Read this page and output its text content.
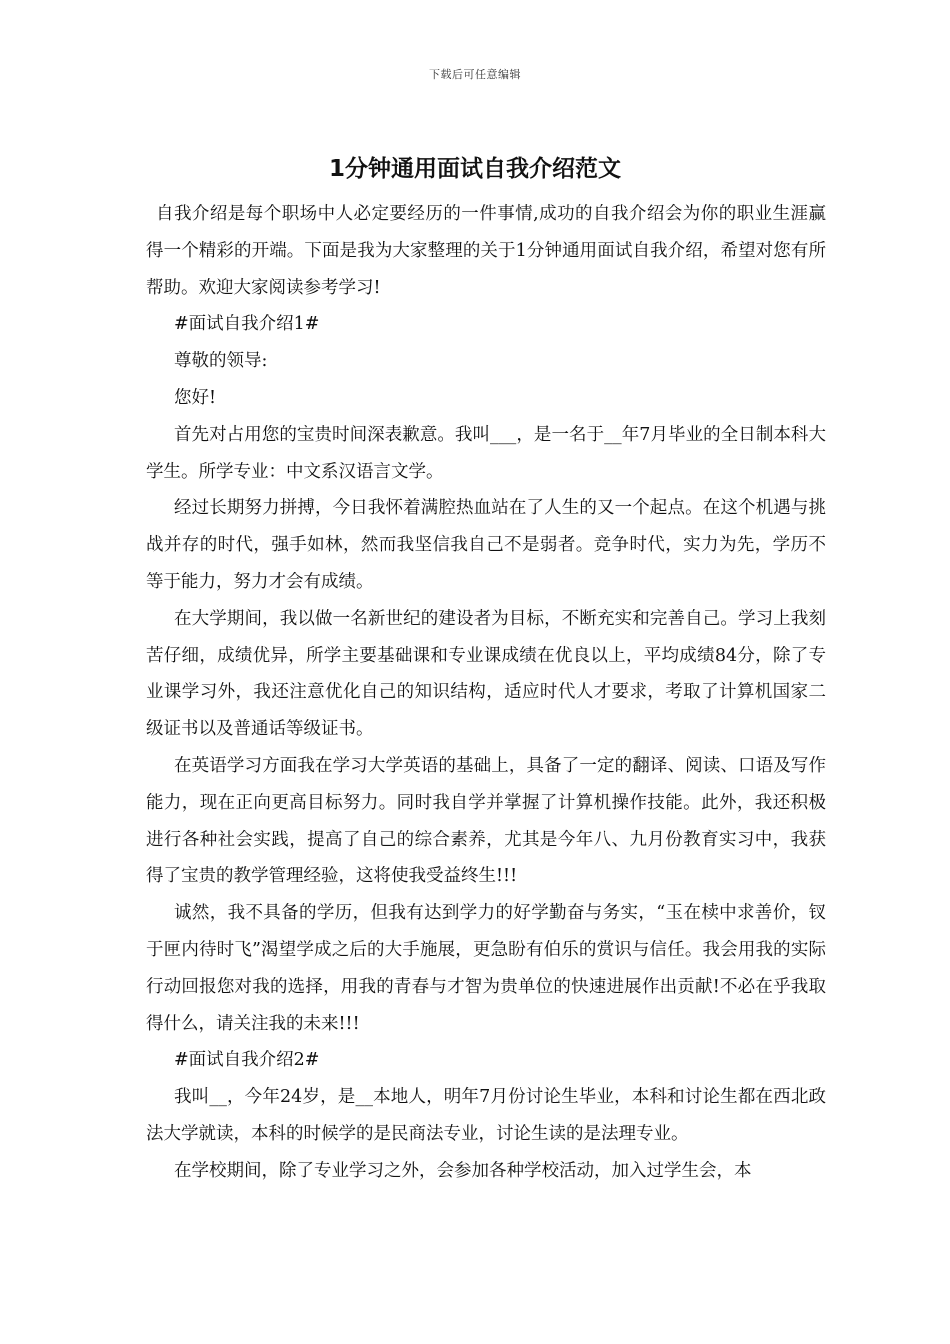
下载后可任意编辑
1分钟通用面试自我介绍范文

自我介绍是每个职场中人必定要经历的一件事情,成功的自我介绍会为你的职业生涯赢得一个精彩的开端。下面是我为大家整理的关于1分钟通用面试自我介绍，希望对您有所帮助。欢迎大家阅读参考学习!

#面试自我介绍1#

尊敬的领导:

您好!

首先对占用您的宝贵时间深表歉意。我叫___，是一名于__年7月毕业的全日制本科大学生。所学专业：中文系汉语言文学。

经过长期努力拼搏，今日我怀着满腔热血站在了人生的又一个起点。在这个机遇与挑战并存的时代，强手如林，然而我坚信我自己不是弱者。竞争时代，实力为先，学历不等于能力，努力才会有成绩。

在大学期间，我以做一名新世纪的建设者为目标，不断充实和完善自己。学习上我刻苦仔细，成绩优异，所学主要基础课和专业课成绩在优良以上，平均成绩84分，除了专业课学习外，我还注意优化自己的知识结构，适应时代人才要求，考取了计算机国家二级证书以及普通话等级证书。

在英语学习方面我在学习大学英语的基础上，具备了一定的翻译、阅读、口语及写作能力，现在正向更高目标努力。同时我自学并掌握了计算机操作技能。此外，我还积极进行各种社会实践，提高了自己的综合素养，尤其是今年八、九月份教育实习中，我获得了宝贵的教学管理经验，这将使我受益终生!!!

诚然，我不具备的学历，但我有达到学力的好学勤奋与务实，“玉在椟中求善价，钗于匣内待时飞”渴望学成之后的大手施展，更急盼有伯乐的赏识与信任。我会用我的实际行动回报您对我的选择，用我的青春与才智为贵单位的快速进展作出贡献!不必在乎我取得什么，请关注我的未来!!!

#面试自我介绍2#

我叫__，今年24岁，是__本地人，明年7月份讨论生毕业，本科和讨论生都在西北政法大学就读，本科的时候学的是民商法专业，讨论生读的是法理专业。

在学校期间，除了专业学习之外，会参加各种学校活动，加入过学生会，本
